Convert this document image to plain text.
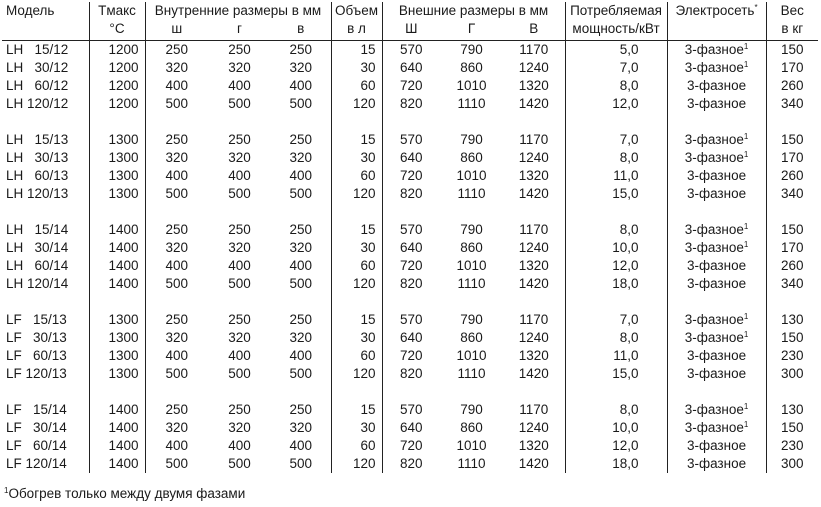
Модель	Tмакс	Внутренние размеры в мм			Объем	Внешние размеры в мм			Потребляемая	Электросеть*	Вес
	°C	ш	г	в	в л	Ш	Г	В	мощность/кВт		в кг
LH   15/12	1200	250	250	250	15	570	790	1170	5,0	3-фазное$^1$	150
LH   30/12	1200	320	320	320	30	640	860	1240	7,0	3-фазное$^1$	170
LH   60/12	1200	400	400	400	60	720	1010	1320	8,0	3-фазное	260
LH 120/12	1200	500	500	500	120	820	1110	1420	12,0	3-фазное	340

LH   15/13	1300	250	250	250	15	570	790	1170	7,0	3-фазное$^1$	150
LH   30/13	1300	320	320	320	30	640	860	1240	8,0	3-фазное$^1$	170
LH   60/13	1300	400	400	400	60	720	1010	1320	11,0	3-фазное	260
LH 120/13	1300	500	500	500	120	820	1110	1420	15,0	3-фазное	340

LH   15/14	1400	250	250	250	15	570	790	1170	8,0	3-фазное$^1$	150
LH   30/14	1400	320	320	320	30	640	860	1240	10,0	3-фазное$^1$	170
LH   60/14	1400	400	400	400	60	720	1010	1320	12,0	3-фазное	260
LH 120/14	1400	500	500	500	120	820	1110	1420	18,0	3-фазное	340

LF   15/13	1300	250	250	250	15	570	790	1170	7,0	3-фазное$^1$	130
LF   30/13	1300	320	320	320	30	640	860	1240	8,0	3-фазное$^1$	150
LF   60/13	1300	400	400	400	60	720	1010	1320	11,0	3-фазное	230
LF 120/13	1300	500	500	500	120	820	1110	1420	15,0	3-фазное	300

LF   15/14	1400	250	250	250	15	570	790	1170	8,0	3-фазное$^1$	130
LF   30/14	1400	320	320	320	30	640	860	1240	10,0	3-фазное$^1$	150
LF   60/14	1400	400	400	400	60	720	1010	1320	12,0	3-фазное	230
LF 120/14	1400	500	500	500	120	820	1110	1420	18,0	3-фазное	300
$^1$Обогрев только между двумя фазами
